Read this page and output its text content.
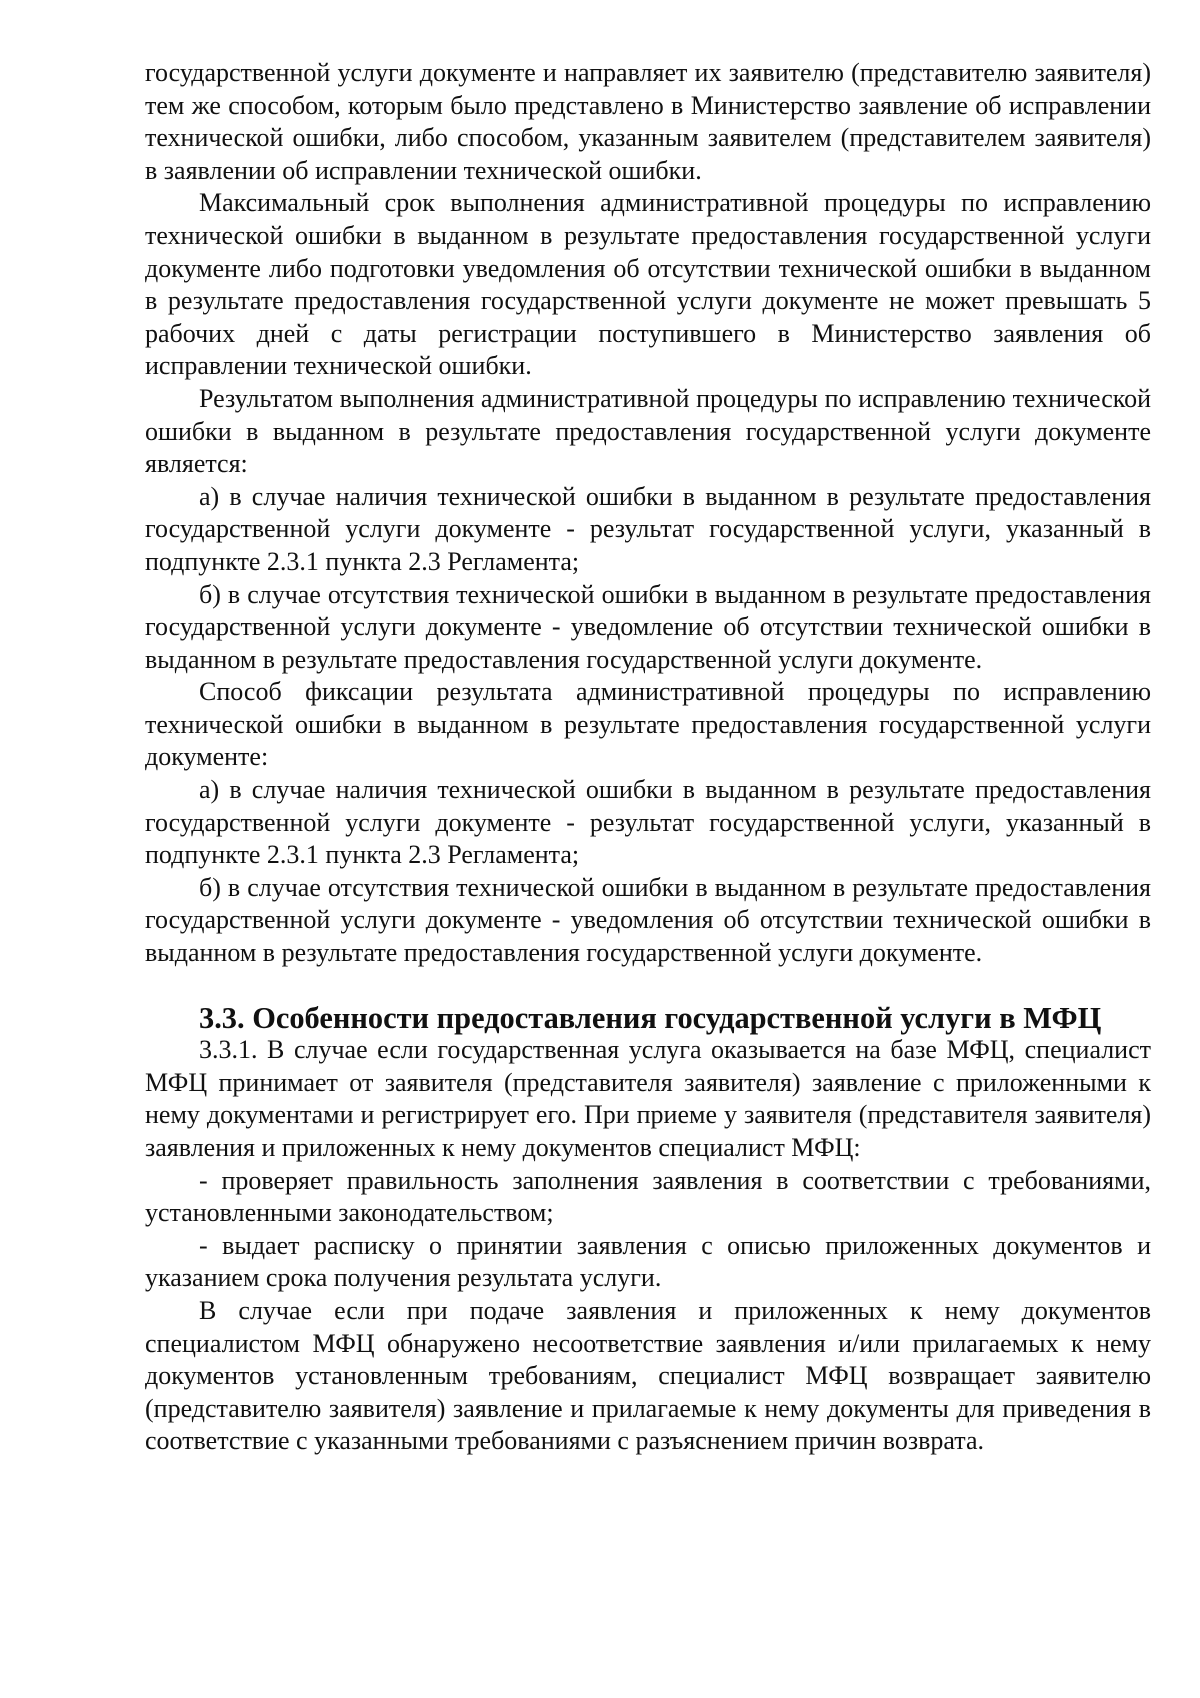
государственной услуги документе и направляет их заявителю (представителю заявителя) тем же способом, которым было представлено в Министерство заявление об исправлении технической ошибки, либо способом, указанным заявителем (представителем заявителя) в заявлении об исправлении технической ошибки.

Максимальный срок выполнения административной процедуры по исправлению технической ошибки в выданном в результате предоставления государственной услуги документе либо подготовки уведомления об отсутствии технической ошибки в выданном в результате предоставления государственной услуги документе не может превышать 5 рабочих дней с даты регистрации поступившего в Министерство заявления об исправлении технической ошибки.

Результатом выполнения административной процедуры по исправлению технической ошибки в выданном в результате предоставления государственной услуги документе является:

а) в случае наличия технической ошибки в выданном в результате предоставления государственной услуги документе - результат государственной услуги, указанный в подпункте 2.3.1 пункта 2.3 Регламента;

б) в случае отсутствия технической ошибки в выданном в результате предоставления государственной услуги документе - уведомление об отсутствии технической ошибки в выданном в результате предоставления государственной услуги документе.

Способ фиксации результата административной процедуры по исправлению технической ошибки в выданном в результате предоставления государственной услуги документе:

а) в случае наличия технической ошибки в выданном в результате предоставления государственной услуги документе - результат государственной услуги, указанный в подпункте 2.3.1 пункта 2.3 Регламента;

б) в случае отсутствия технической ошибки в выданном в результате предоставления государственной услуги документе - уведомления об отсутствии технической ошибки в выданном в результате предоставления государственной услуги документе.

3.3. Особенности предоставления государственной услуги в МФЦ

3.3.1. В случае если государственная услуга оказывается на базе МФЦ, специалист МФЦ принимает от заявителя (представителя заявителя) заявление с приложенными к нему документами и регистрирует его. При приеме у заявителя (представителя заявителя) заявления и приложенных к нему документов специалист МФЦ:

- проверяет правильность заполнения заявления в соответствии с требованиями, установленными законодательством;

- выдает расписку о принятии заявления с описью приложенных документов и указанием срока получения результата услуги.

В случае если при подаче заявления и приложенных к нему документов специалистом МФЦ обнаружено несоответствие заявления и/или прилагаемых к нему документов установленным требованиям, специалист МФЦ возвращает заявителю (представителю заявителя) заявление и прилагаемые к нему документы для приведения в соответствие с указанными требованиями с разъяснением причин возврата.
